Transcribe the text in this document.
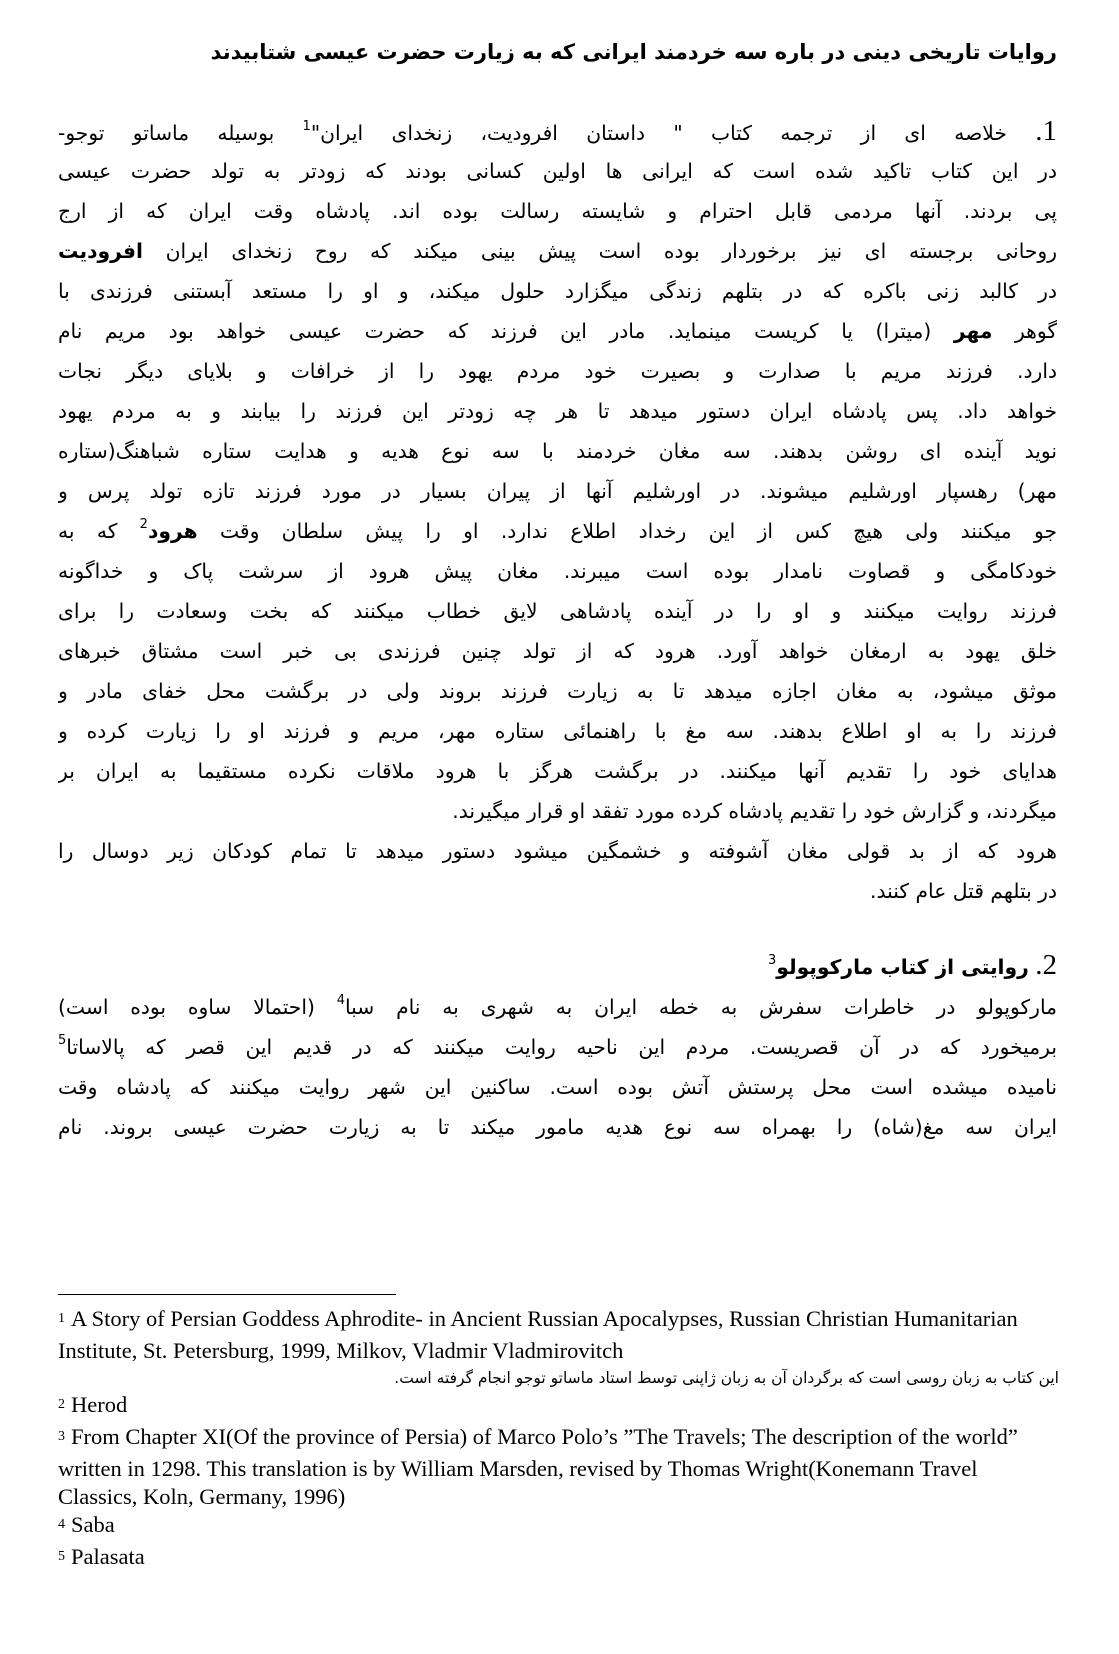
روایات تاریخی دینی در باره سه خردمند ایرانی که به زیارت حضرت عیسی شتابیدند
1. خلاصه ای از ترجمه کتاب " داستان افرودیت، زنخدای ایران"$^1$ بوسیله ماساتو توجو-
در این کتاب تاکید شده است که ایرانی ها اولین کسانی بودند که زودتر به تولد حضرت عیسی
پی بردند. آنها مردمی قابل احترام و شایسته رسالت بوده اند. پادشاه وقت ایران که از ارج
روحانی برجسته ای نیز برخوردار بوده است پیش بینی میکند که روح زنخدای ایران افرودیت
در کالبد زنی باکره که در بتلهم زندگی میگزارد حلول میکند، و او را مستعد آبستنی فرزندی با
گوهر مهر (میترا) یا کریست مینماید. مادر این فرزند که حضرت عیسی خواهد بود مریم نام
دارد. فرزند مریم با صدارت و بصیرت خود مردم یهود را از خرافات و بلایای دیگر نجات
خواهد داد. پس پادشاه ایران دستور میدهد تا هر چه زودتر این فرزند را بیابند و به مردم یهود
نوید آینده ای روشن بدهند. سه مغان خردمند با سه نوع هدیه و هدایت ستاره شباهنگ(ستاره
مهر) رهسپار اورشلیم میشوند. در اورشلیم آنها از پیران بسیار در مورد فرزند تازه تولد پرس و
جو میکنند ولی هیچ کس از این رخداد اطلاع ندارد. او را پیش سلطان وقت هرود$^2$ که به
خودکامگی و قصاوت نامدار بوده است میبرند. مغان پیش هرود از سرشت پاک و خداگونه
فرزند روایت میکنند و او را در آینده پادشاهی لایق خطاب میکنند که بخت وسعادت را برای
خلق یهود به ارمغان خواهد آورد. هرود که از تولد چنین فرزندی بی خبر است مشتاق خبرهای
موثق میشود، به مغان اجازه میدهد تا به زیارت فرزند بروند ولی در برگشت محل خفای مادر و
فرزند را به او اطلاع بدهند. سه مغ با راهنمائی ستاره مهر، مریم و فرزند او را زیارت کرده و
هدایای خود را تقدیم آنها میکنند. در برگشت هرگز با هرود ملاقات نکرده مستقیما به ایران بر
میگردند، و گزارش خود را تقدیم پادشاه کرده مورد تفقد او قرار میگیرند.
هرود که از بد قولی مغان آشوفته و خشمگین میشود دستور میدهد تا تمام کودکان زیر دوسال را
در بتلهم قتل عام کنند.
2. روایتی از کتاب مارکوپولو$^3$
مارکوپولو در خاطرات سفرش به خطه ایران به شهری به نام سبا$^4$ (احتمالا ساوه بوده است)
برمیخورد که در آن قصریست. مردم این ناحیه روایت میکنند که در قدیم این قصر که پالاساتا$^5$
نامیده میشده است محل پرستش آتش بوده است. ساکنین این شهر روایت میکنند که پادشاه وقت
ایران سه مغ(شاه) را بهمراه سه نوع هدیه مامور میکند تا به زیارت حضرت عیسی بروند. نام
1 A Story of Persian Goddess Aphrodite- in Ancient Russian Apocalypses, Russian Christian Humanitarian Institute, St. Petersburg, 1999, Milkov, Vladmir Vladmirovitch
این کتاب به زبان روسی است که برگردان آن به زبان ژاپنی توسط استاد ماساتو توجو انجام گرفته است.
2 Herod
3 From Chapter XI(Of the province of Persia) of Marco Polo’s ”The Travels; The description of the world” written in 1298. This translation is by William Marsden, revised by Thomas Wright(Konemann Travel Classics, Koln, Germany, 1996)
4 Saba
5 Palasata
